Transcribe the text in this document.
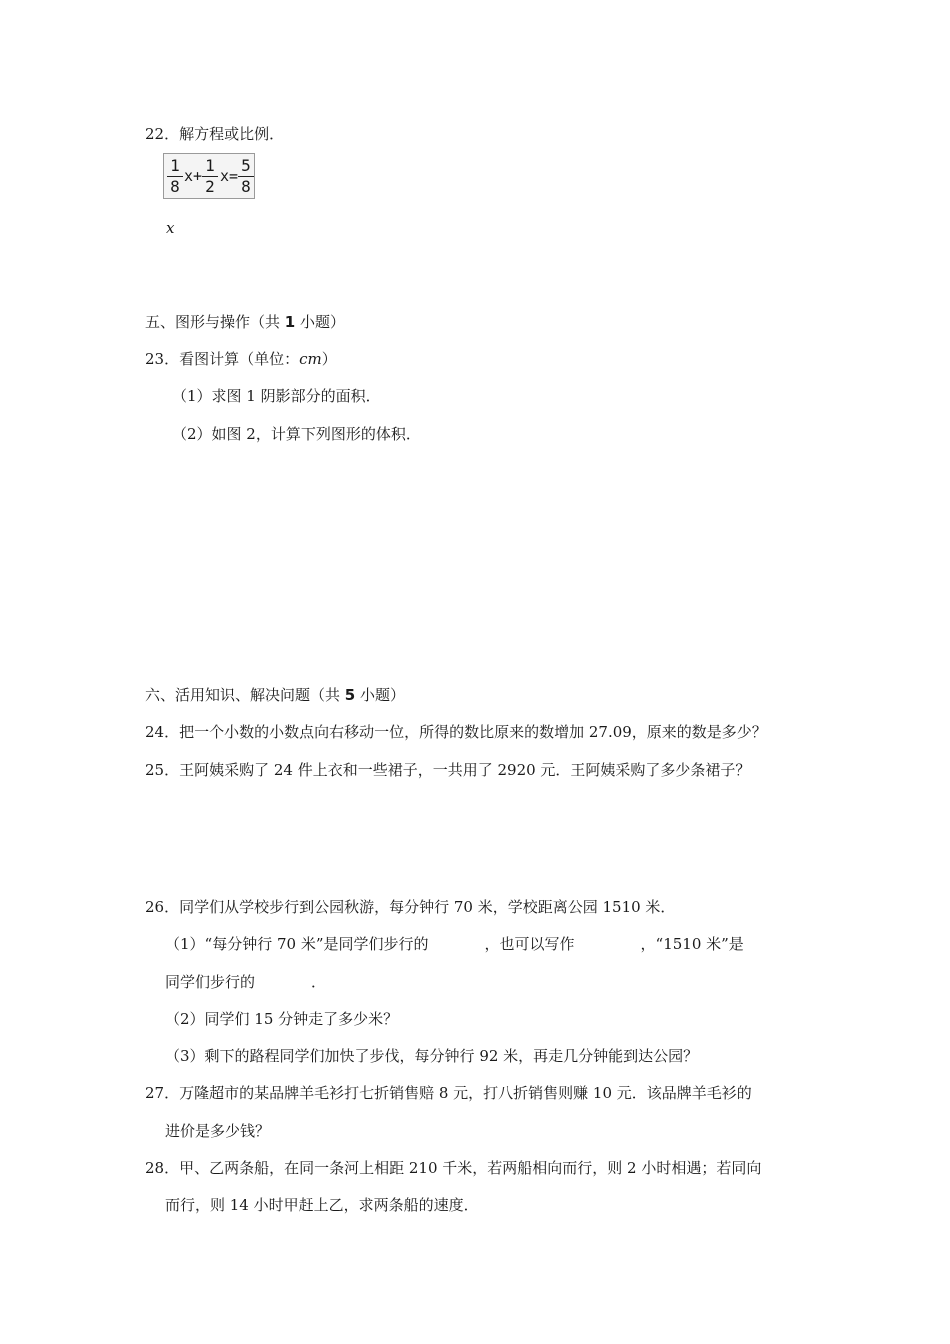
22．解方程或比例．
1
8
x +
1
2
x =
5
8
x
五、图形与操作（共 1 小题）
23．看图计算（单位：cm）
（1）求图 1 阴影部分的面积．
（2）如图 2，计算下列图形的体积．
六、活用知识、解决问题（共 5 小题）
24．把一个小数的小数点向右移动一位，所得的数比原来的数增加 27.09，原来的数是多少？
25．王阿姨采购了 24 件上衣和一些裙子，一共用了 2920 元．王阿姨采购了多少条裙子？
26．同学们从学校步行到公园秋游，每分钟行 70 米，学校距离公园 1510 米．
（1）“每分钟行 70 米”是同学们步行的	，也可以写作	，“1510 米”是
同学们步行的	．
（2）同学们 15 分钟走了多少米？
（3）剩下的路程同学们加快了步伐，每分钟行 92 米，再走几分钟能到达公园？
27．万隆超市的某品牌羊毛衫打七折销售赔 8 元，打八折销售则赚 10 元．该品牌羊毛衫的
进价是多少钱？
28．甲、乙两条船，在同一条河上相距 210 千米，若两船相向而行，则 2 小时相遇；若同向
而行，则 14 小时甲赶上乙，求两条船的速度．
